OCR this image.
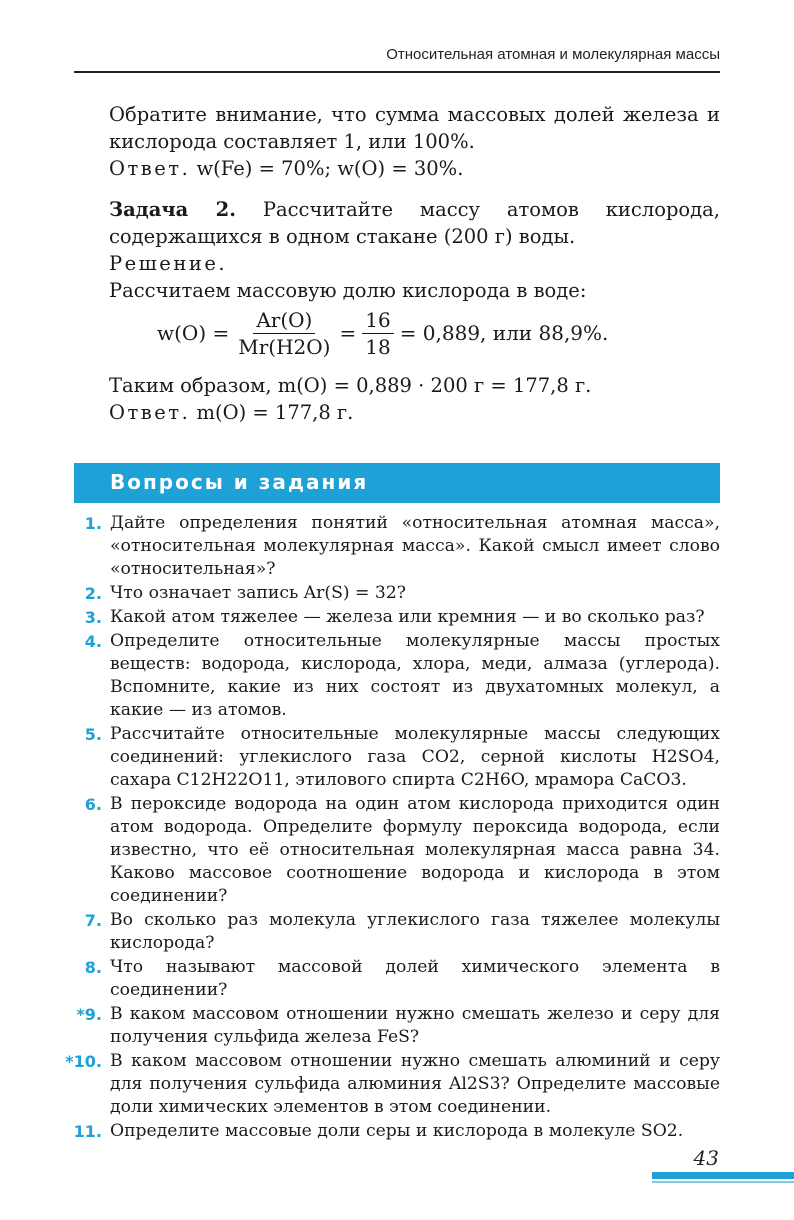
Относительная атомная и молекулярная массы

Обратите внимание, что сумма массовых долей железа и кислорода составляет 1, или 100%.

Ответ. w(Fe) = 70%; w(O) = 30%.

Задача 2. Рассчитайте массу атомов кислорода, содержащихся в одном стакане (200 г) воды.

Решение.

Рассчитаем массовую долю кислорода в воде:

$w(O) = \frac{Ar(O)}{Mr(H2O)} = \frac{16}{18} = 0,889$, или 88,9%.

Таким образом, m(O) = 0,889 · 200 г = 177,8 г.

Ответ. m(O) = 177,8 г.

Вопросы и задания
1. Дайте определения понятий «относительная атомная масса», «относительная молекулярная масса». Какой смысл имеет слово «относительная»?
2. Что означает запись Ar(S) = 32?
3. Какой атом тяжелее — железа или кремния — и во сколько раз?
4. Определите относительные молекулярные массы простых веществ: водорода, кислорода, хлора, меди, алмаза (углерода). Вспомните, какие из них состоят из двухатомных молекул, а какие — из атомов.
5. Рассчитайте относительные молекулярные массы следующих соединений: углекислого газа CO2, серной кислоты H2SO4, сахара C12H22O11, этилового спирта C2H6O, мрамора CaCO3.
6. В пероксиде водорода на один атом кислорода приходится один атом водорода. Определите формулу пероксида водорода, если известно, что её относительная молекулярная масса равна 34. Каково массовое соотношение водорода и кислорода в этом соединении?
7. Во сколько раз молекула углекислого газа тяжелее молекулы кислорода?
8. Что называют массовой долей химического элемента в соединении?
*9. В каком массовом отношении нужно смешать железо и серу для получения сульфида железа FeS?
*10. В каком массовом отношении нужно смешать алюминий и серу для получения сульфида алюминия Al2S3? Определите массовые доли химических элементов в этом соединении.
11. Определите массовые доли серы и кислорода в молекуле SO2.
43
